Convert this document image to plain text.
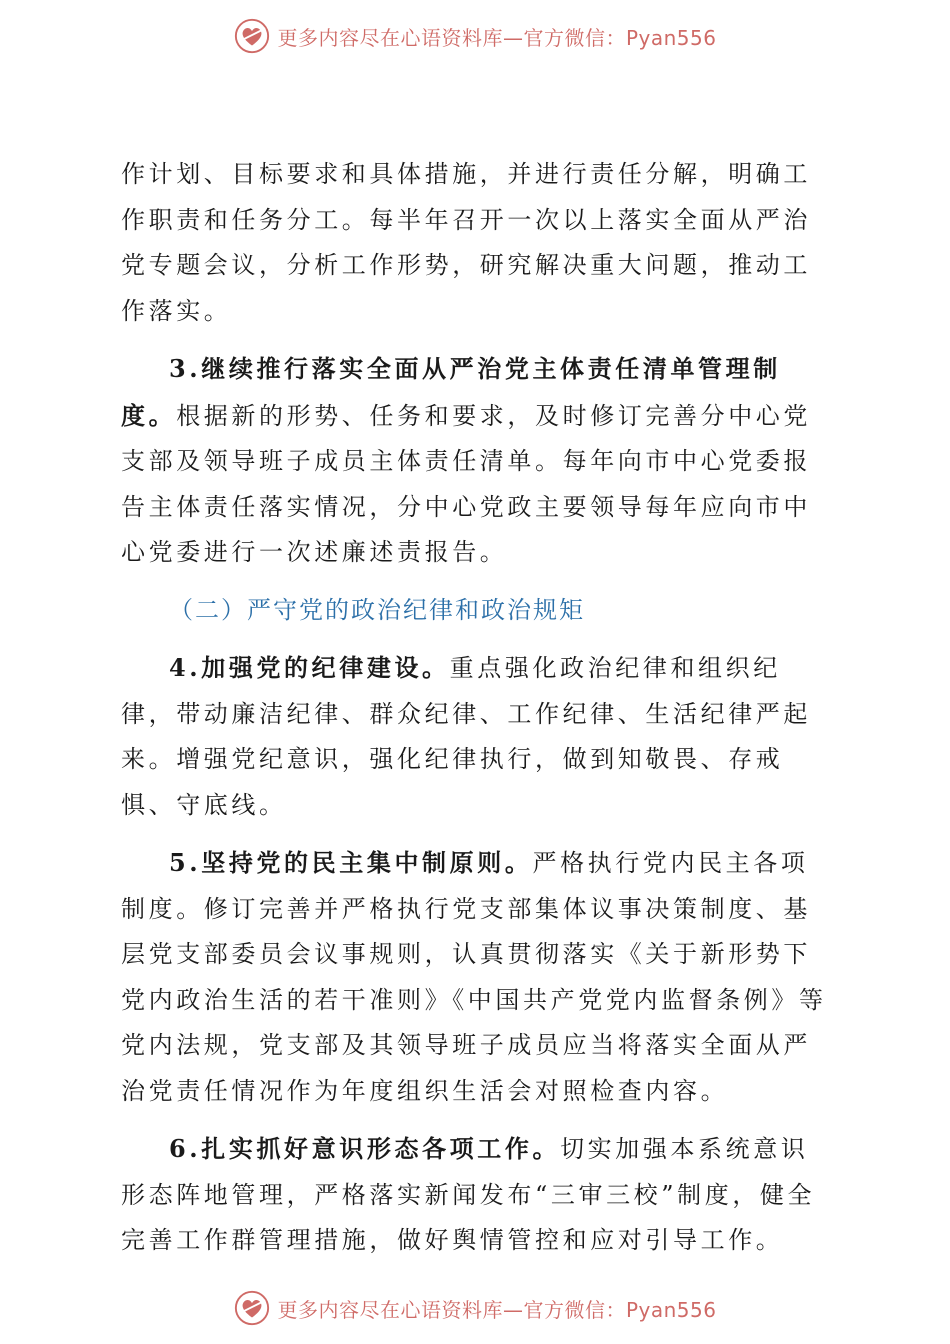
更多内容尽在心语资料库—官方微信：Pyan556

作计划、目标要求和具体措施，并进行责任分解，明确工作职责和任务分工。每半年召开一次以上落实全面从严治党专题会议，分析工作形势，研究解决重大问题，推动工作落实。

3.继续推行落实全面从严治党主体责任清单管理制度。根据新的形势、任务和要求，及时修订完善分中心党支部及领导班子成员主体责任清单。每年向市中心党委报告主体责任落实情况，分中心党政主要领导每年应向市中心党委进行一次述廉述责报告。

（二）严守党的政治纪律和政治规矩

4.加强党的纪律建设。重点强化政治纪律和组织纪律，带动廉洁纪律、群众纪律、工作纪律、生活纪律严起来。增强党纪意识，强化纪律执行，做到知敬畏、存戒惧、守底线。

5.坚持党的民主集中制原则。严格执行党内民主各项制度。修订完善并严格执行党支部集体议事决策制度、基层党支部委员会议事规则，认真贯彻落实《关于新形势下党内政治生活的若干准则》《中国共产党党内监督条例》等党内法规，党支部及其领导班子成员应当将落实全面从严治党责任情况作为年度组织生活会对照检查内容。

6.扎实抓好意识形态各项工作。切实加强本系统意识形态阵地管理，严格落实新闻发布“三审三校”制度，健全完善工作群管理措施，做好舆情管控和应对引导工作。

更多内容尽在心语资料库—官方微信：Pyan556
